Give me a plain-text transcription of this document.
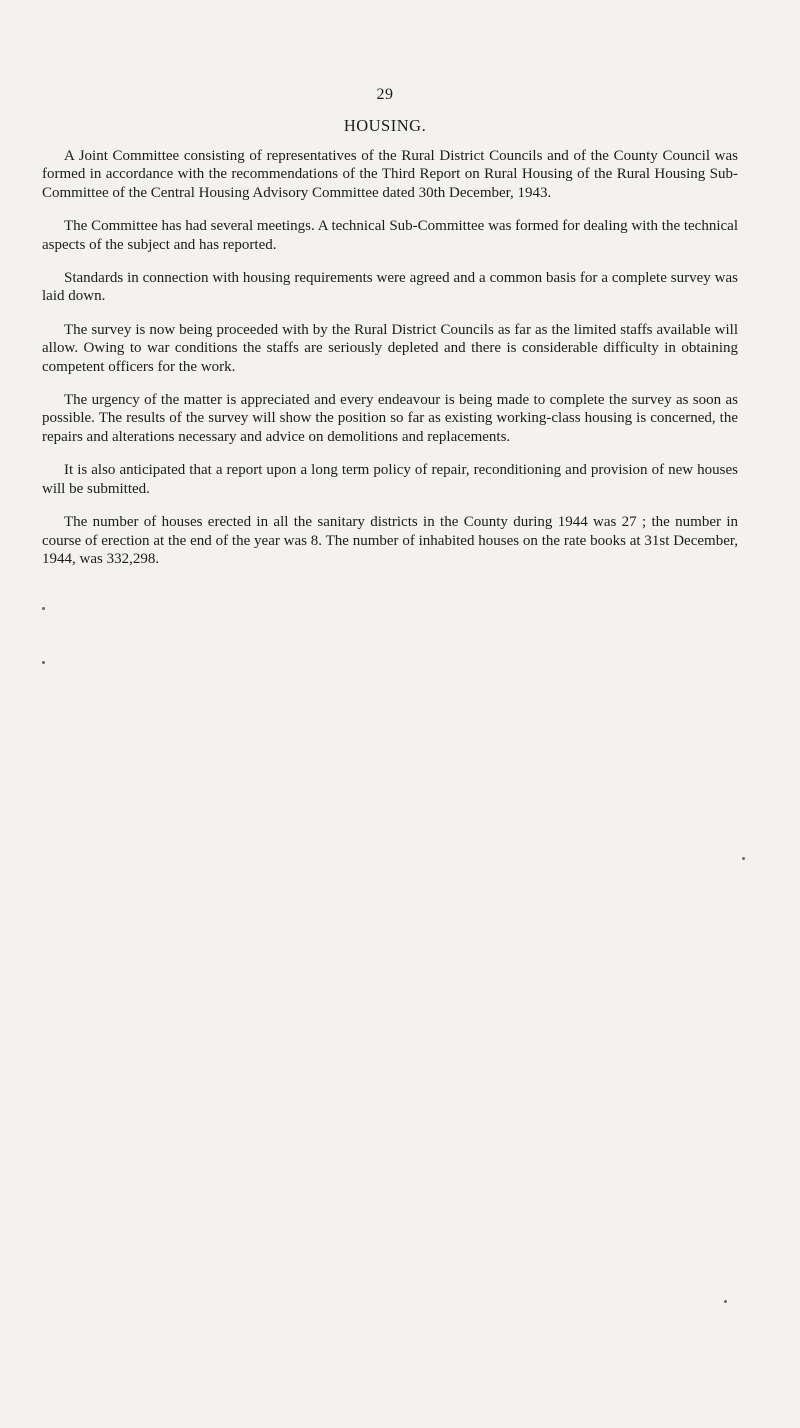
29
HOUSING.

A Joint Committee consisting of representatives of the Rural District Councils and of the County Council was formed in accordance with the recommendations of the Third Report on Rural Housing of the Rural Housing Sub-Committee of the Central Housing Advisory Committee dated 30th December, 1943.

The Committee has had several meetings. A technical Sub-Committee was formed for dealing with the technical aspects of the subject and has reported.

Standards in connection with housing requirements were agreed and a common basis for a complete survey was laid down.

The survey is now being proceeded with by the Rural District Councils as far as the limited staffs available will allow. Owing to war conditions the staffs are seriously depleted and there is considerable difficulty in obtaining competent officers for the work.

The urgency of the matter is appreciated and every endeavour is being made to complete the survey as soon as possible. The results of the survey will show the position so far as existing working-class housing is concerned, the repairs and alterations necessary and advice on demolitions and replacements.

It is also anticipated that a report upon a long term policy of repair, reconditioning and provision of new houses will be submitted.

The number of houses erected in all the sanitary districts in the County during 1944 was 27 ; the number in course of erection at the end of the year was 8. The number of inhabited houses on the rate books at 31st December, 1944, was 332,298.
